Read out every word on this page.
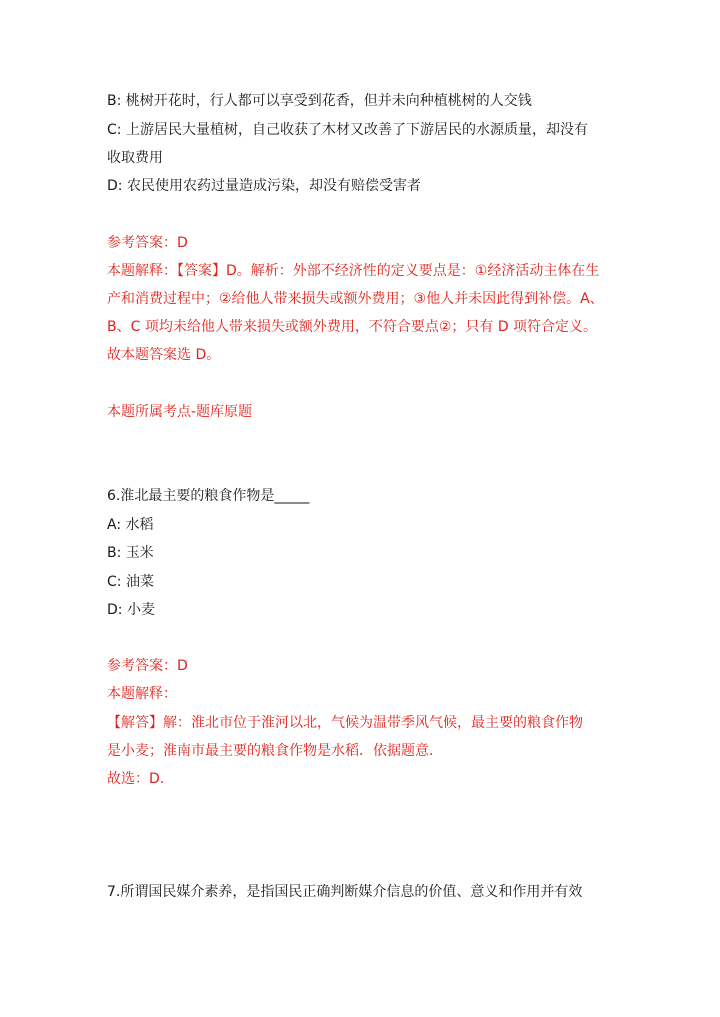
B: 桃树开花时，行人都可以享受到花香，但并未向种植桃树的人交钱
C: 上游居民大量植树，自己收获了木材又改善了下游居民的水源质量，却没有
收取费用
D: 农民使用农药过量造成污染，却没有赔偿受害者
参考答案：D
本题解释：【答案】D。解析：外部不经济性的定义要点是：①经济活动主体在生
产和消费过程中；②给他人带来损失或额外费用；③他人并未因此得到补偿。A、
B、C 项均未给他人带来损失或额外费用，不符合要点②；只有 D 项符合定义。
故本题答案选 D。
本题所属考点-题库原题
6.淮北最主要的粮食作物是_____
A: 水稻
B: 玉米
C: 油菜
D: 小麦
参考答案：D
本题解释：
【解答】解：淮北市位于淮河以北，气候为温带季风气候，最主要的粮食作物
是小麦；淮南市最主要的粮食作物是水稻．依据题意．
故选：D.
7.所谓国民媒介素养，是指国民正确判断媒介信息的价值、意义和作用并有效
